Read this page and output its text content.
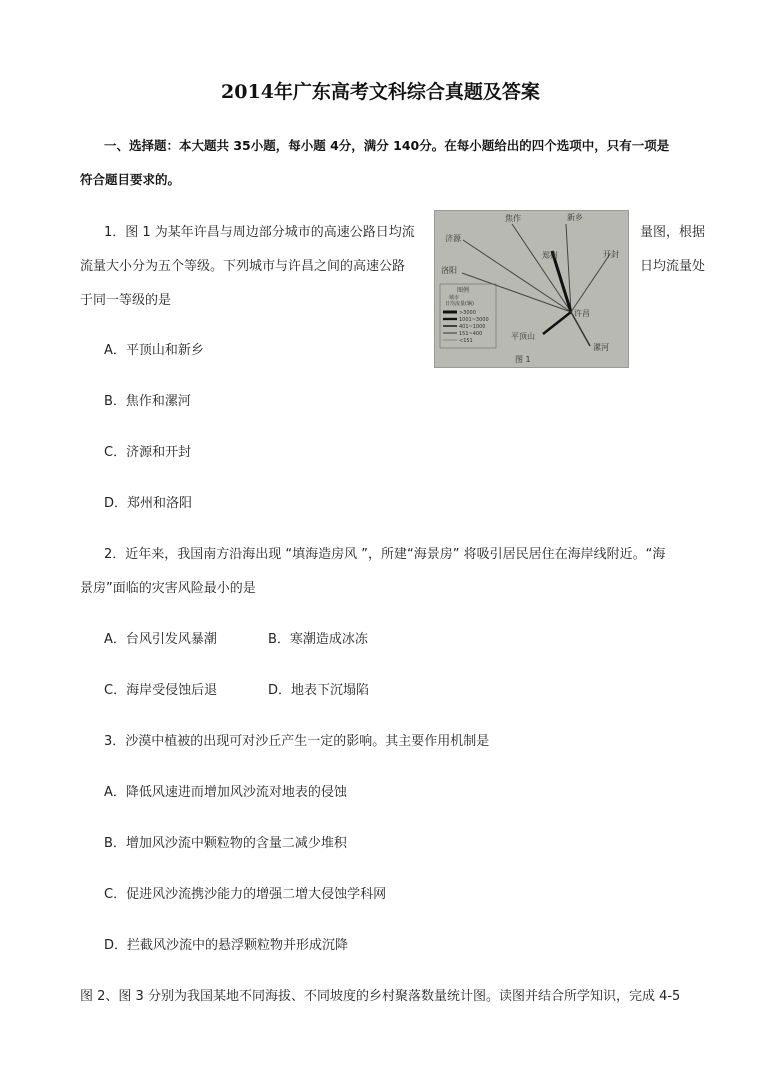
2014年广东高考文科综合真题及答案
一、选择题：本大题共 35小题，每小题 4分，满分 140分。在每小题给出的四个选项中，只有一项是
符合题目要求的。
1．图 1 为某年许昌与周边部分城市的高速公路日均流	量图，根据
流量大小分为五个等级。下列城市与许昌之间的高速公路	日均流量处
于同一等级的是
A．平顶山和新乡
B．焦作和漯河
C．济源和开封
D．郑州和洛阳
焦作	新乡
济源
郑州	开封
洛阳
许昌
平顶山
漯河
图例
城市
日均流量(辆)
>3000
1001~3000
401~1000
151~400
<151
图 1
2．近年来，我国南方沿海出现 “填海造房风 ”，所建“海景房” 将吸引居民居住在海岸线附近。“海
景房”面临的灾害风险最小的是
A．台风引发风暴潮	B．寒潮造成冰冻
C．海岸受侵蚀后退	D．地表下沉塌陷
3．沙漠中植被的出现可对沙丘产生一定的影响。其主要作用机制是
A．降低风速进而增加风沙流对地表的侵蚀
B．增加风沙流中颗粒物的含量二减少堆积
C．促进风沙流携沙能力的增强二增大侵蚀学科网
D．拦截风沙流中的悬浮颗粒物并形成沉降
图 2、图 3 分别为我国某地不同海拔、不同坡度的乡村聚落数量统计图。读图并结合所学知识，完成 4-5
